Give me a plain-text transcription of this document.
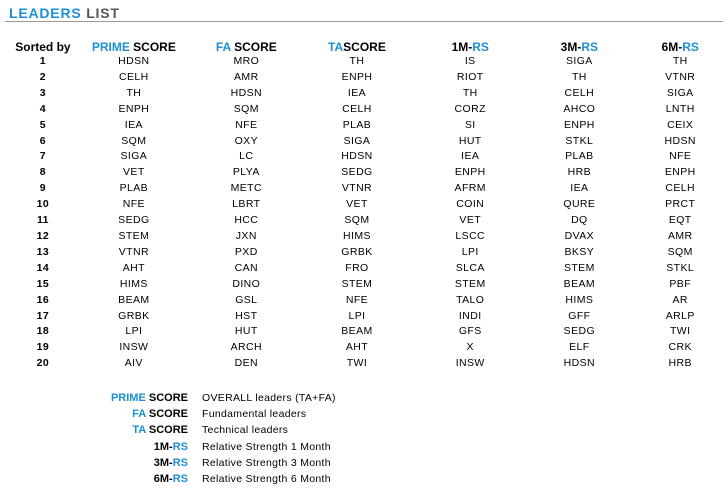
LEADERS LIST
Sorted by	PRIME SCORE	FA SCORE	TASCORE	1M-RS	3M-RS	6M-RS
1	HDSN	MRO	TH	IS	SIGA	TH
2	CELH	AMR	ENPH	RIOT	TH	VTNR
3	TH	HDSN	IEA	TH	CELH	SIGA
4	ENPH	SQM	CELH	CORZ	AHCO	LNTH
5	IEA	NFE	PLAB	SI	ENPH	CEIX
6	SQM	OXY	SIGA	HUT	STKL	HDSN
7	SIGA	LC	HDSN	IEA	PLAB	NFE
8	VET	PLYA	SEDG	ENPH	HRB	ENPH
9	PLAB	METC	VTNR	AFRM	IEA	CELH
10	NFE	LBRT	VET	COIN	QURE	PRCT
11	SEDG	HCC	SQM	VET	DQ	EQT
12	STEM	JXN	HIMS	LSCC	DVAX	AMR
13	VTNR	PXD	GRBK	LPI	BKSY	SQM
14	AHT	CAN	FRO	SLCA	STEM	STKL
15	HIMS	DINO	STEM	STEM	BEAM	PBF
16	BEAM	GSL	NFE	TALO	HIMS	AR
17	GRBK	HST	LPI	INDI	GFF	ARLP
18	LPI	HUT	BEAM	GFS	SEDG	TWI
19	INSW	ARCH	AHT	X	ELF	CRK
20	AIV	DEN	TWI	INSW	HDSN	HRB
PRIME SCORE	OVERALL leaders (TA+FA)
FA SCORE	Fundamental leaders
TA SCORE	Technical leaders
1M-RS	Relative Strength 1 Month
3M-RS	Relative Strength 3 Month
6M-RS	Relative Strength 6 Month
